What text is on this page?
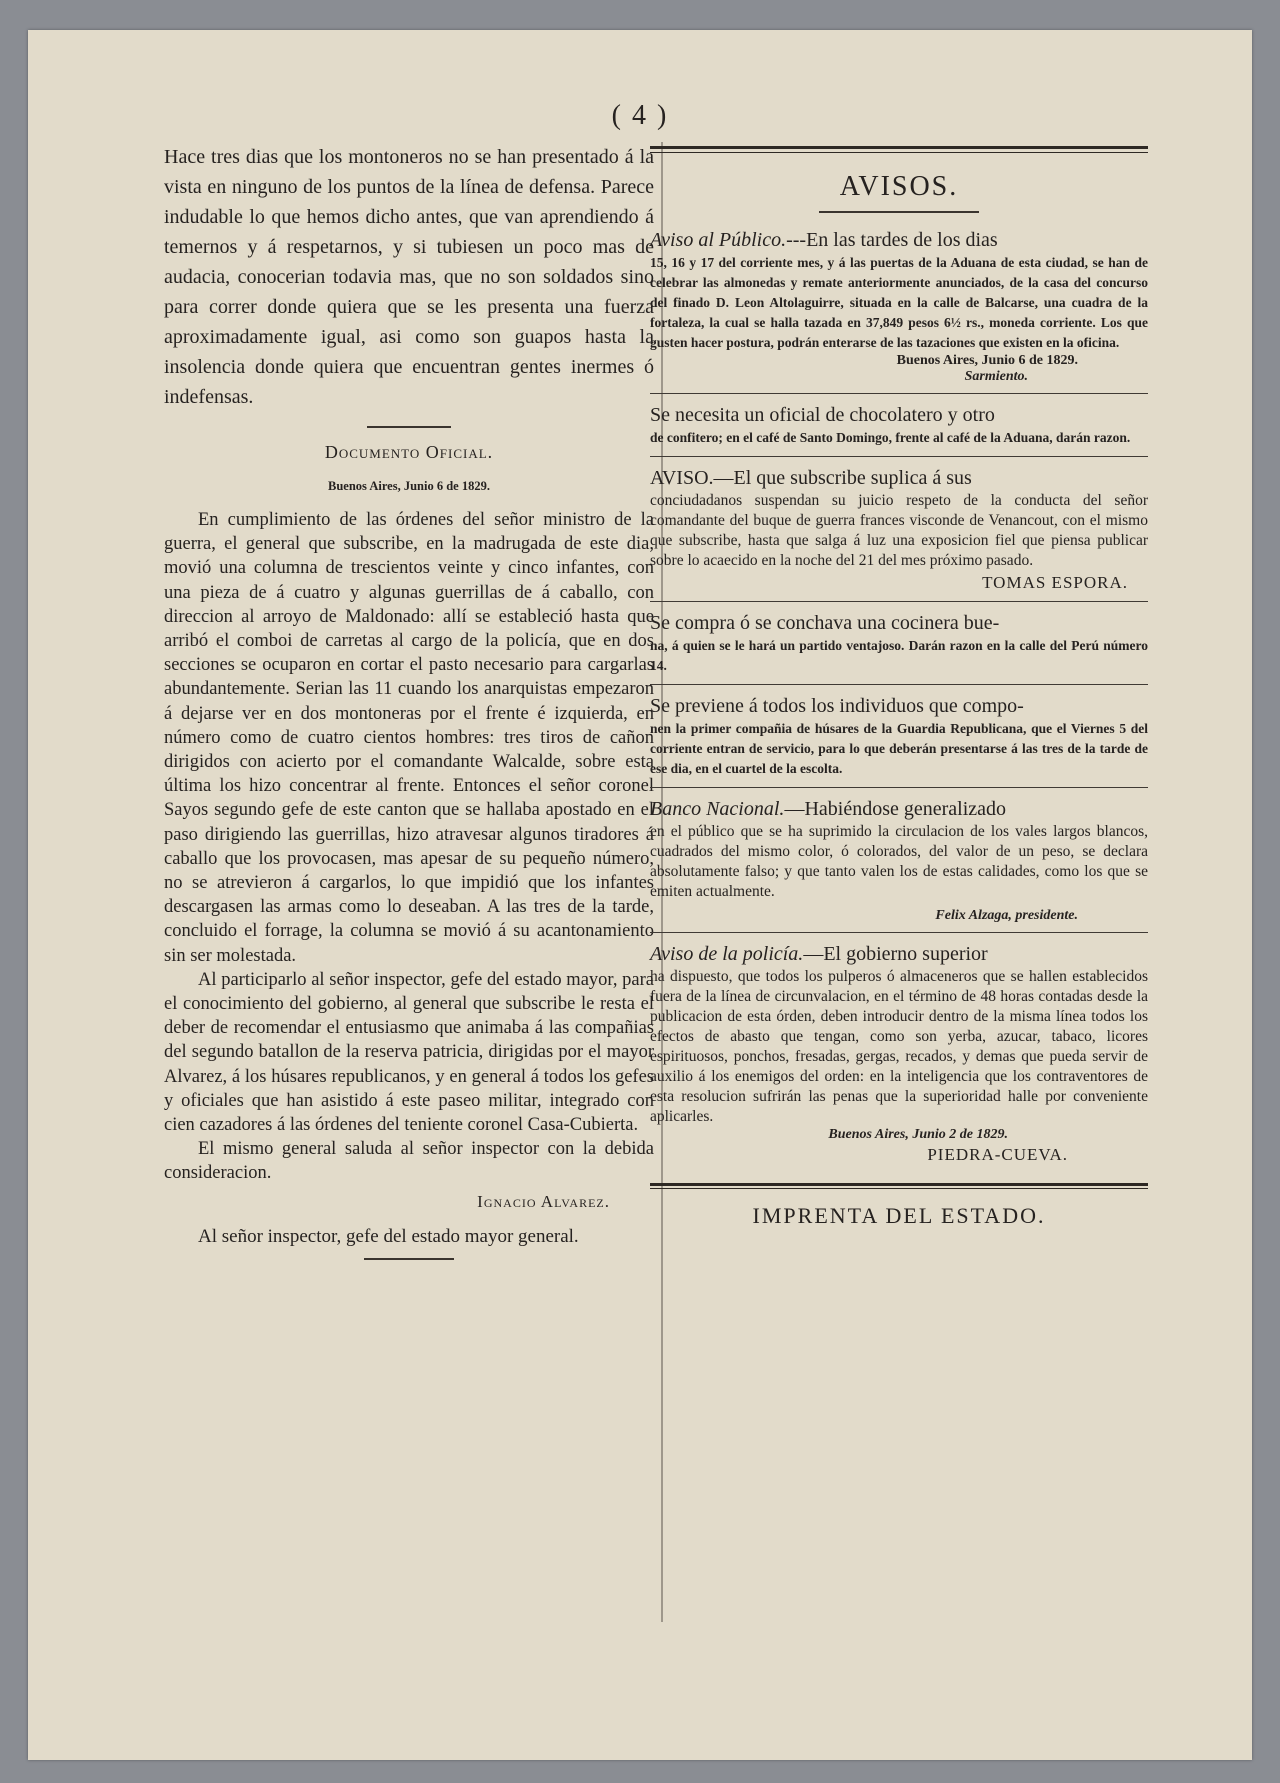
( 4 )

Hace tres dias que los montoneros no se han presentado á la vista en ninguno de los puntos de la línea de defensa. Parece indudable lo que hemos dicho antes, que van aprendiendo á temernos y á respetarnos, y si tubiesen un poco mas de audacia, conocerian todavia mas, que no son soldados sino para correr donde quiera que se les presenta una fuerza aproximadamente igual, asi como son guapos hasta la insolencia donde quiera que encuentran gentes inermes ó indefensas.

Documento Oficial.
Buenos Aires, Junio 6 de 1829.

En cumplimiento de las órdenes del señor ministro de la guerra, el general que subscribe, en la madrugada de este dia, movió una columna de trescientos veinte y cinco infantes, con una pieza de á cuatro y algunas guerrillas de á caballo, con direccion al arroyo de Maldonado: allí se estableció hasta que arribó el comboi de carretas al cargo de la policía, que en dos secciones se ocuparon en cortar el pasto necesario para cargarlas abundantemente. Serian las 11 cuando los anarquistas empezaron á dejarse ver en dos montoneras por el frente é izquierda, en número como de cuatro cientos hombres: tres tiros de cañon dirigidos con acierto por el comandante Walcalde, sobre esta última los hizo concentrar al frente. Entonces el señor coronel Sayos segundo gefe de este canton que se hallaba apostado en el paso dirigiendo las guerrillas, hizo atravesar algunos tiradores á caballo que los provocasen, mas apesar de su pequeño número, no se atrevieron á cargarlos, lo que impidió que los infantes descargasen las armas como lo deseaban. A las tres de la tarde, concluido el forrage, la columna se movió á su acantonamiento sin ser molestada.

Al participarlo al señor inspector, gefe del estado mayor, para el conocimiento del gobierno, al general que subscribe le resta el deber de recomendar el entusiasmo que animaba á las compañias del segundo batallon de la reserva patricia, dirigidas por el mayor Alvarez, á los húsares republicanos, y en general á todos los gefes y oficiales que han asistido á este paseo militar, integrado con cien cazadores á las órdenes del teniente coronel Casa-Cubierta.

El mismo general saluda al señor inspector con la debida consideracion.

Ignacio Alvarez.

Al señor inspector, gefe del estado mayor general.

AVISOS.
Aviso al Público.---En las tardes de los dias

15, 16 y 17 del corriente mes, y á las puertas de la Aduana de esta ciudad, se han de celebrar las almonedas y remate anteriormente anunciados, de la casa del concurso del finado D. Leon Altolaguirre, situada en la calle de Balcarse, una cuadra de la fortaleza, la cual se halla tazada en 37,849 pesos 6½ rs., moneda corriente. Los que gusten hacer postura, podrán enterarse de las tazaciones que existen en la oficina.

Buenos Aires, Junio 6 de 1829.
Sarmiento.
Se necesita un oficial de chocolatero y otro

de confitero; en el café de Santo Domingo, frente al café de la Aduana, darán razon.

AVISO.—El que subscribe suplica á sus

conciudadanos suspendan su juicio respeto de la conducta del señor comandante del buque de guerra frances visconde de Venancout, con el mismo que subscribe, hasta que salga á luz una exposicion fiel que piensa publicar sobre lo acaecido en la noche del 21 del mes próximo pasado.

TOMAS ESPORA.
Se compra ó se conchava una cocinera bue-

na, á quien se le hará un partido ventajoso. Darán razon en la calle del Perú número 14.

Se previene á todos los individuos que compo-

nen la primer compañia de húsares de la Guardia Republicana, que el Viernes 5 del corriente entran de servicio, para lo que deberán presentarse á las tres de la tarde de ese dia, en el cuartel de la escolta.

Banco Nacional.—Habiéndose generalizado

en el público que se ha suprimido la circulacion de los vales largos blancos, cuadrados del mismo color, ó colorados, del valor de un peso, se declara absolutamente falso; y que tanto valen los de estas calidades, como los que se emiten actualmente.

Felix Alzaga, presidente.
Aviso de la policía.—El gobierno superior

ha dispuesto, que todos los pulperos ó almaceneros que se hallen establecidos fuera de la línea de circunvalacion, en el término de 48 horas contadas desde la publicacion de esta órden, deben introducir dentro de la misma línea todos los efectos de abasto que tengan, como son yerba, azucar, tabaco, licores espirituosos, ponchos, fresadas, gergas, recados, y demas que pueda servir de auxilio á los enemigos del orden: en la inteligencia que los contraventores de esta resolucion sufrirán las penas que la superioridad halle por conveniente aplicarles.

Buenos Aires, Junio 2 de 1829.
PIEDRA-CUEVA.
IMPRENTA DEL ESTADO.
